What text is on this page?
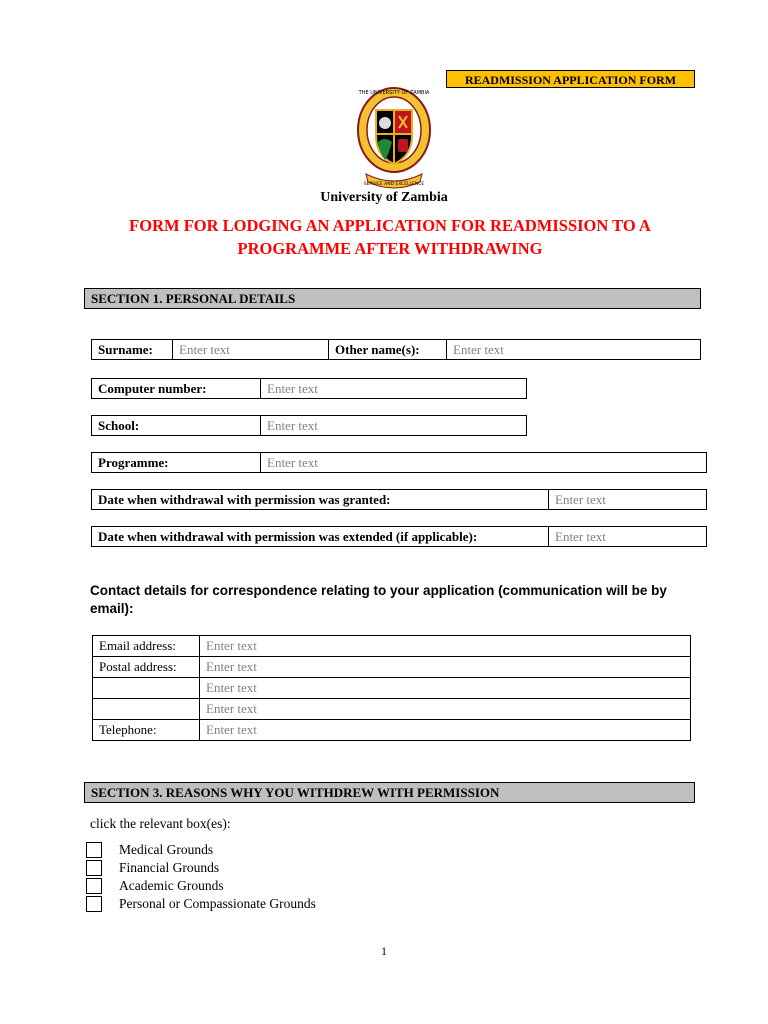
READMISSION APPLICATION FORM
SERVICE AND EXCELLENCE
THE UNIVERSITY OF ZAMBIA
University of Zambia
FORM FOR LODGING AN APPLICATION FOR READMISSION TO A
PROGRAMME AFTER WITHDRAWING
SECTION 1. PERSONAL DETAILS
Surname:	Enter text	Other name(s):	Enter text
Computer number:	Enter text
School:	Enter text
Programme:	Enter text
Date when withdrawal with permission was granted:	Enter text
Date when withdrawal with permission was extended (if applicable):	Enter text
Contact details for correspondence relating to your application (communication will be by email):
Email address:	Enter text
Postal address:	Enter text
	Enter text
	Enter text
Telephone:	Enter text
SECTION 3. REASONS WHY YOU WITHDREW WITH PERMISSION
click the relevant box(es):
Medical Grounds
Financial Grounds
Academic Grounds
Personal or Compassionate Grounds
1
